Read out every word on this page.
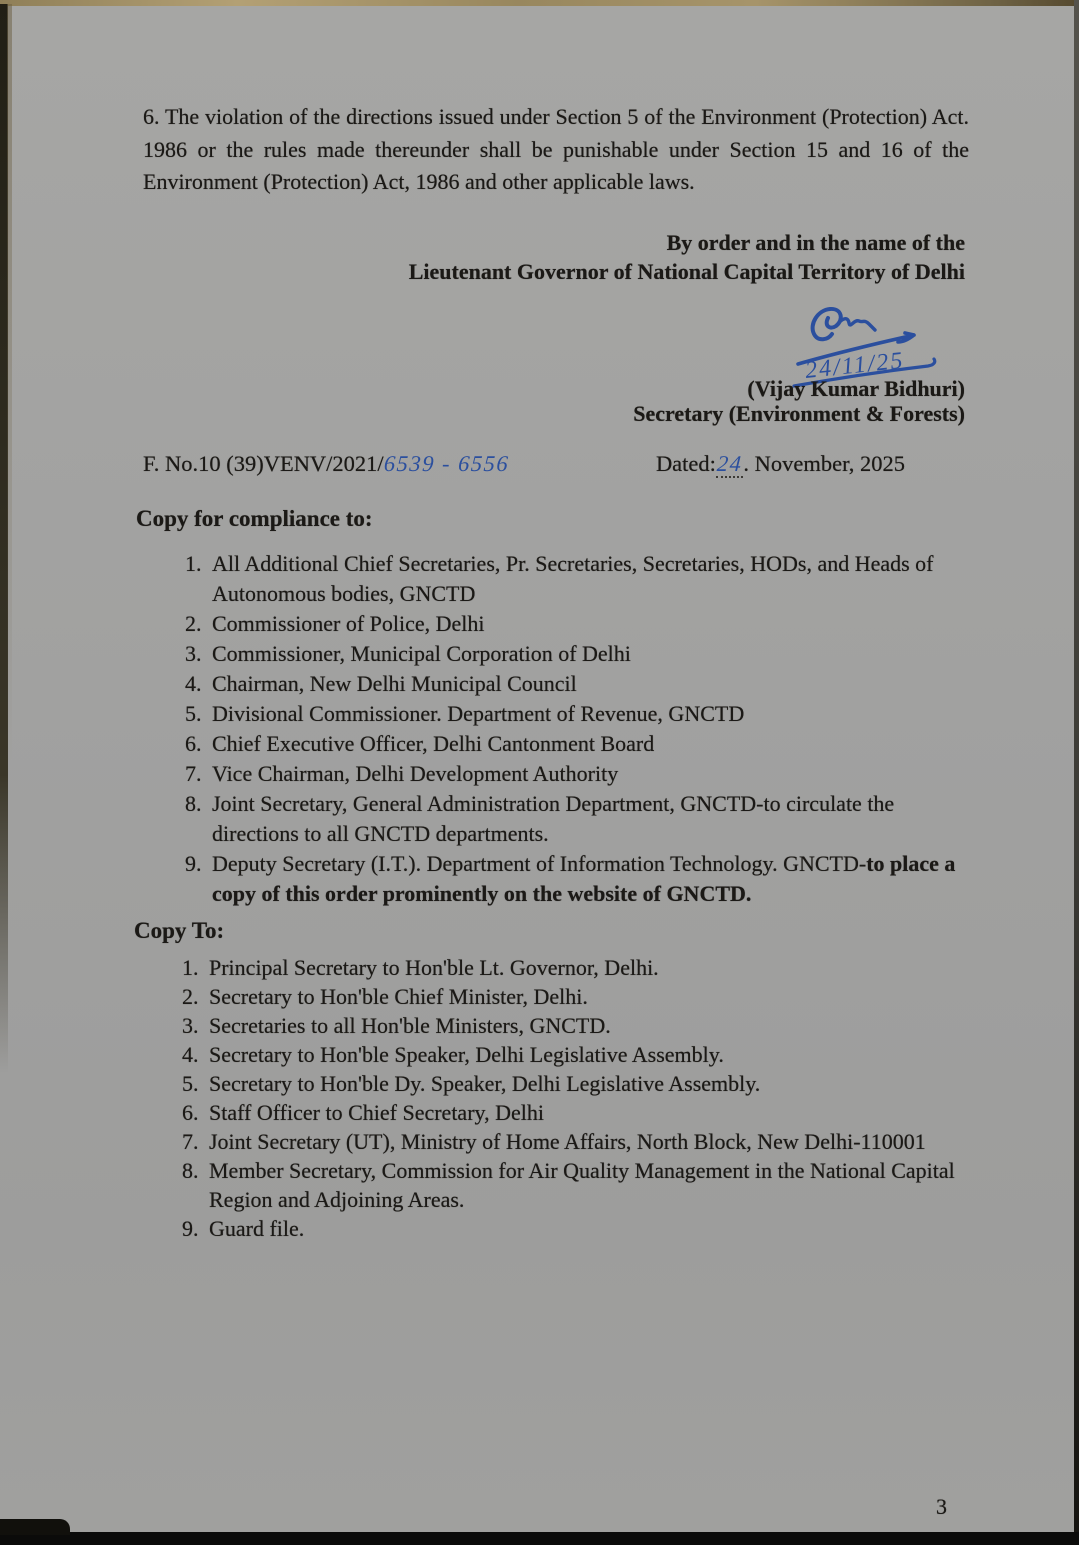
6. The violation of the directions issued under Section 5 of the Environment (Protection) Act. 1986 or the rules made thereunder shall be punishable under Section 15 and 16 of the Environment (Protection) Act, 1986 and other applicable laws.
By order and in the name of the
Lieutenant Governor of National Capital Territory of Delhi
24/11/25
(Vijay Kumar Bidhuri)
Secretary (Environment & Forests)
F. No.10 (39)VENV/2021/6539 - 6556	Dated:24. November, 2025
Copy for compliance to:
1. All Additional Chief Secretaries, Pr. Secretaries, Secretaries, HODs, and Heads of Autonomous bodies, GNCTD
2. Commissioner of Police, Delhi
3. Commissioner, Municipal Corporation of Delhi
4. Chairman, New Delhi Municipal Council
5. Divisional Commissioner. Department of Revenue, GNCTD
6. Chief Executive Officer, Delhi Cantonment Board
7. Vice Chairman, Delhi Development Authority
8. Joint Secretary, General Administration Department, GNCTD-to circulate the directions to all GNCTD departments.
9. Deputy Secretary (I.T.). Department of Information Technology. GNCTD-to place a copy of this order prominently on the website of GNCTD.
Copy To:
1. Principal Secretary to Hon'ble Lt. Governor, Delhi.
2. Secretary to Hon'ble Chief Minister, Delhi.
3. Secretaries to all Hon'ble Ministers, GNCTD.
4. Secretary to Hon'ble Speaker, Delhi Legislative Assembly.
5. Secretary to Hon'ble Dy. Speaker, Delhi Legislative Assembly.
6. Staff Officer to Chief Secretary, Delhi
7. Joint Secretary (UT), Ministry of Home Affairs, North Block, New Delhi-110001
8. Member Secretary, Commission for Air Quality Management in the National Capital Region and Adjoining Areas.
9. Guard file.
3
